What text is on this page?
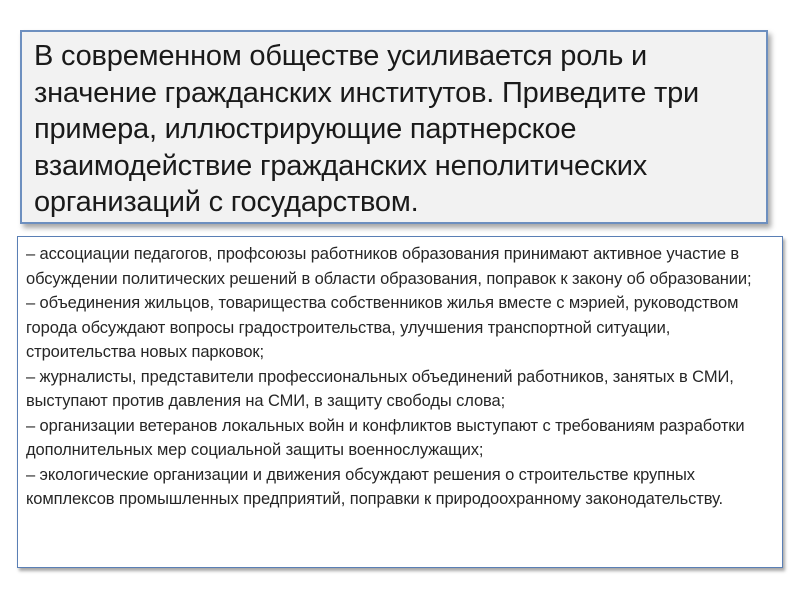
В современном обществе усиливается роль и значение гражданских институтов. Приведите три примера, иллюстрирующие партнерское взаимодействие гражданских неполитических организаций с государством.

– ассоциации педагогов, профсоюзы работников образования принимают активное участие в обсуждении политических решений в области образования, поправок к закону об образовании;
– объединения жильцов, товарищества собственников жилья вместе с мэрией, руководством города обсуждают вопросы градостроительства, улучшения транспортной ситуации, строительства новых парковок;
– журналисты, представители профессиональных объединений работников, занятых в СМИ, выступают против давления на СМИ, в защиту свободы слова;
– организации ветеранов локальных войн и конфликтов выступают с требованиям разработки дополнительных мер социальной защиты военнослужащих;
– экологические организации и движения обсуждают решения о строительстве крупных комплексов промышленных предприятий, поправки к природоохранному законодательству.
